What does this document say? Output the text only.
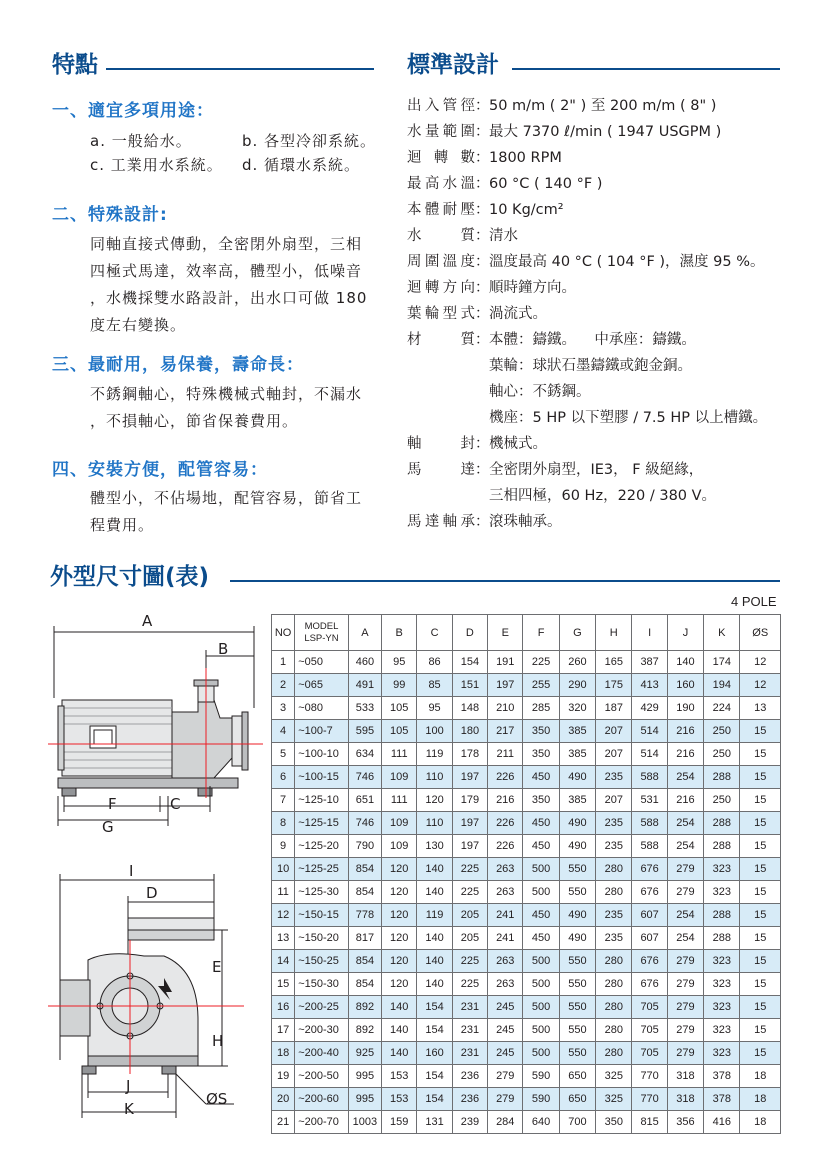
特點	標準設計
一、適宜多項用途：
a. 一般給水。	b. 各型冷卻系統。
c. 工業用水系統。 d. 循環水系統。
二、特殊設計:
同軸直接式傳動，全密閉外扇型，三相
四極式馬達，效率高，體型小，低噪音
，水機採雙水路設計，出水口可做 180
度左右變換。
三、最耐用，易保養，壽命長：
不銹鋼軸心，特殊機械式軸封，不漏水
，不損軸心，節省保養費用。
四、安裝方便，配管容易：
體型小，不佔場地，配管容易，節省工
程費用。
出入管徑：50 m/m ( 2" ) 至 200 m/m ( 8" )
水量範圍：最大 7370 ℓ/min ( 1947 USGPM )
迴轉數：1800 RPM
最高水溫：60 °C ( 140 °F )
本體耐壓：10 Kg/cm²
水質：清水
周圍溫度：溫度最高 40 °C ( 104 °F )，濕度 95 %。
迴轉方向：順時鐘方向。
葉輪型式：渦流式。
材質：本體：鑄鐵。    中承座：鑄鐵。
葉輪：球狀石墨鑄鐵或鉋金銅。
軸心：不銹鋼。
機座：5 HP 以下塑膠 / 7.5 HP 以上槽鐵。
軸封：機械式。
馬達：全密閉外扇型，IE3， F 級絕緣，
三相四極，60 Hz，220 / 380 V。
馬達軸承：滾珠軸承。
外型尺寸圖(表)
4 POLE
A
B
F	C
G
I
D
E
H
J
K
ØS
NO	MODEL LSP-YN	A	B	C	D	E	F	G	H	I	J	K	ØS
1	~050	460	95	86	154	191	225	260	165	387	140	174	12
2	~065	491	99	85	151	197	255	290	175	413	160	194	12
3	~080	533	105	95	148	210	285	320	187	429	190	224	13
4	~100-7	595	105	100	180	217	350	385	207	514	216	250	15
5	~100-10	634	111	119	178	211	350	385	207	514	216	250	15
6	~100-15	746	109	110	197	226	450	490	235	588	254	288	15
7	~125-10	651	111	120	179	216	350	385	207	531	216	250	15
8	~125-15	746	109	110	197	226	450	490	235	588	254	288	15
9	~125-20	790	109	130	197	226	450	490	235	588	254	288	15
10	~125-25	854	120	140	225	263	500	550	280	676	279	323	15
11	~125-30	854	120	140	225	263	500	550	280	676	279	323	15
12	~150-15	778	120	119	205	241	450	490	235	607	254	288	15
13	~150-20	817	120	140	205	241	450	490	235	607	254	288	15
14	~150-25	854	120	140	225	263	500	550	280	676	279	323	15
15	~150-30	854	120	140	225	263	500	550	280	676	279	323	15
16	~200-25	892	140	154	231	245	500	550	280	705	279	323	15
17	~200-30	892	140	154	231	245	500	550	280	705	279	323	15
18	~200-40	925	140	160	231	245	500	550	280	705	279	323	15
19	~200-50	995	153	154	236	279	590	650	325	770	318	378	18
20	~200-60	995	153	154	236	279	590	650	325	770	318	378	18
21	~200-70	1003	159	131	239	284	640	700	350	815	356	416	18
